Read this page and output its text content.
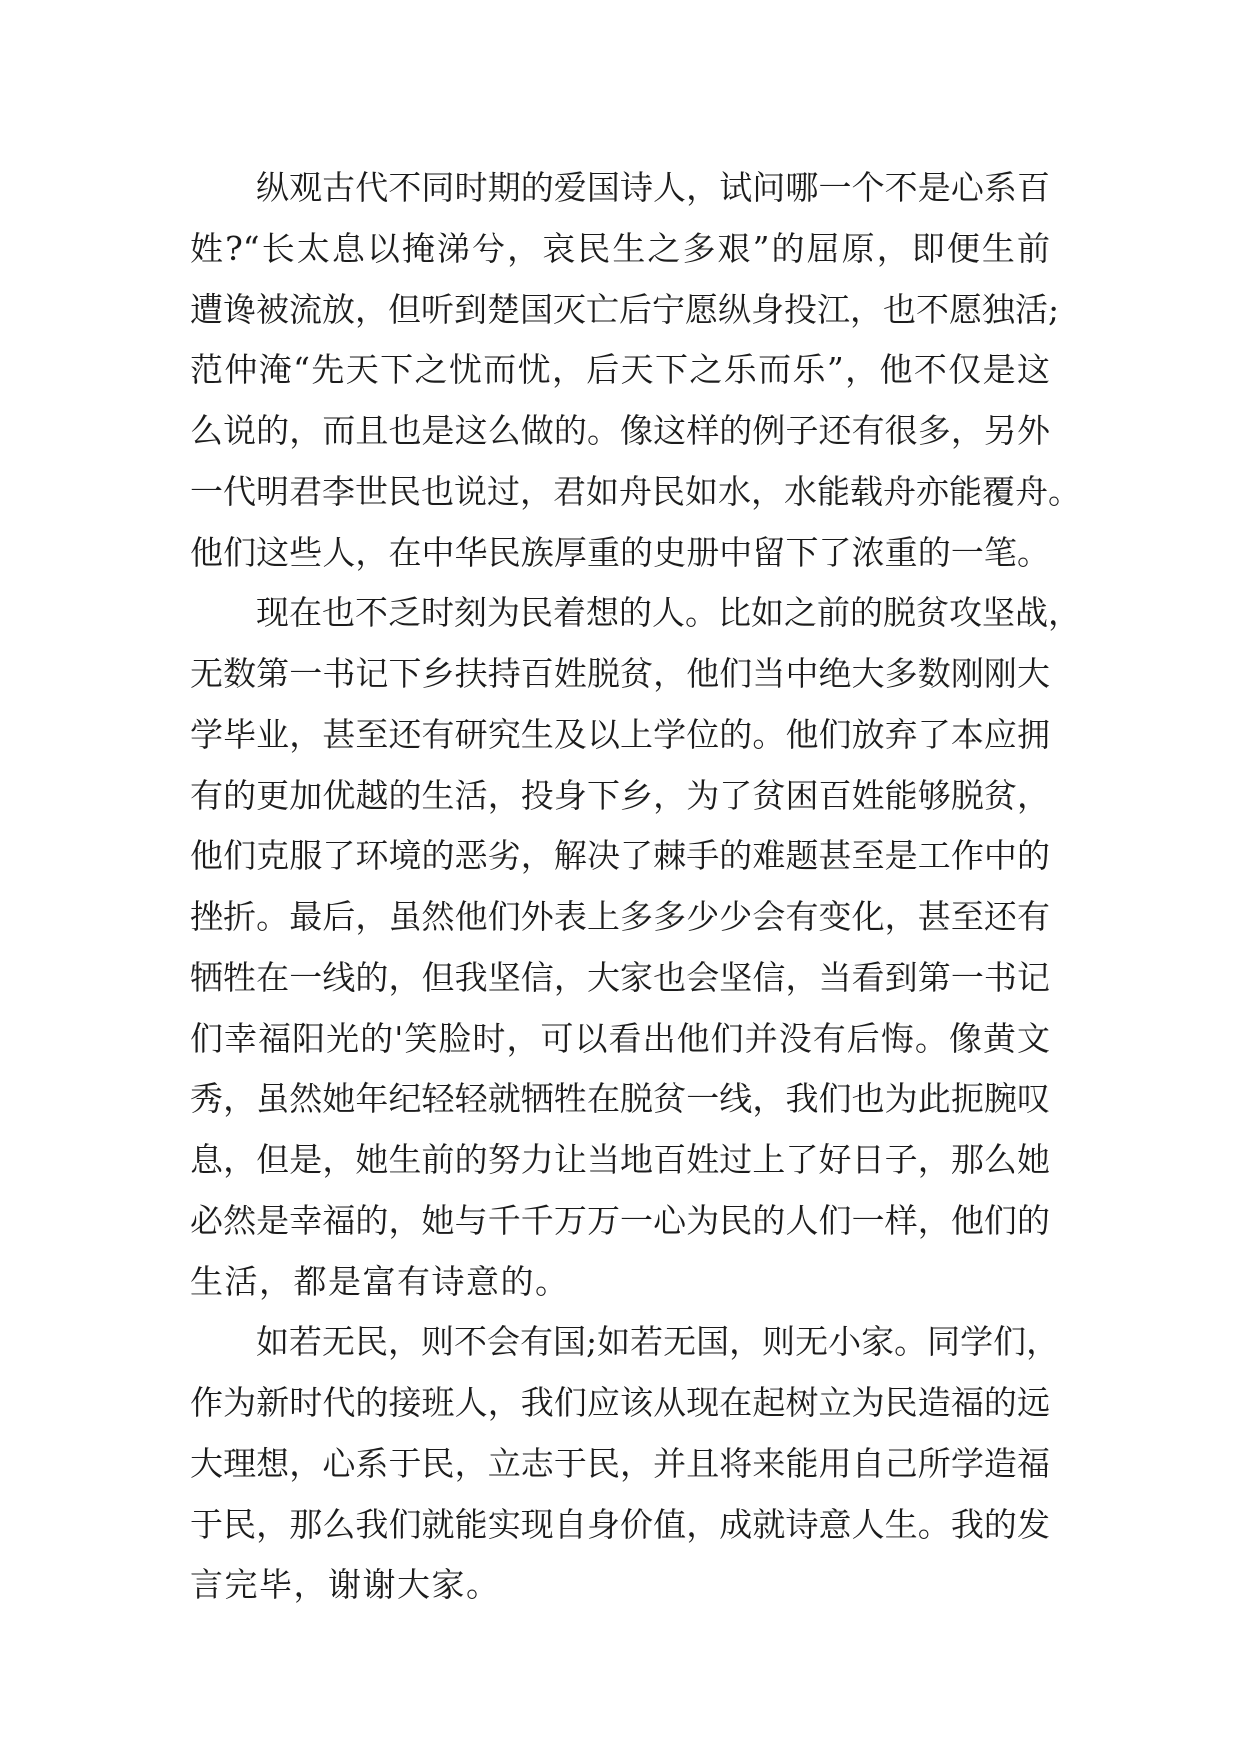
纵观古代不同时期的爱国诗人，试问哪一个不是心系百
姓?“长太息以掩涕兮，哀民生之多艰”的屈原，即便生前
遭谗被流放，但听到楚国灭亡后宁愿纵身投江，也不愿独活;
范仲淹“先天下之忧而忧，后天下之乐而乐”，他不仅是这
么说的，而且也是这么做的。像这样的例子还有很多，另外
一代明君李世民也说过，君如舟民如水，水能载舟亦能覆舟。
他们这些人，在中华民族厚重的史册中留下了浓重的一笔。
现在也不乏时刻为民着想的人。比如之前的脱贫攻坚战，
无数第一书记下乡扶持百姓脱贫，他们当中绝大多数刚刚大
学毕业，甚至还有研究生及以上学位的。他们放弃了本应拥
有的更加优越的生活，投身下乡，为了贫困百姓能够脱贫，
他们克服了环境的恶劣，解决了棘手的难题甚至是工作中的
挫折。最后，虽然他们外表上多多少少会有变化，甚至还有
牺牲在一线的，但我坚信，大家也会坚信，当看到第一书记
们幸福阳光的'笑脸时，可以看出他们并没有后悔。像黄文
秀，虽然她年纪轻轻就牺牲在脱贫一线，我们也为此扼腕叹
息，但是，她生前的努力让当地百姓过上了好日子，那么她
必然是幸福的，她与千千万万一心为民的人们一样，他们的
生活，都是富有诗意的。
如若无民，则不会有国;如若无国，则无小家。同学们，
作为新时代的接班人，我们应该从现在起树立为民造福的远
大理想，心系于民，立志于民，并且将来能用自己所学造福
于民，那么我们就能实现自身价值，成就诗意人生。我的发
言完毕，谢谢大家。
